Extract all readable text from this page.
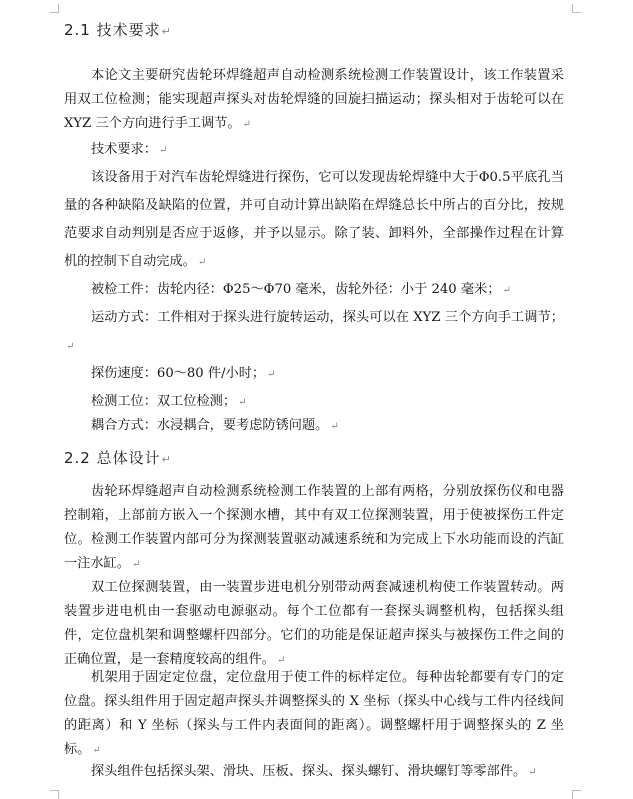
2.1 技术要求↵
本论文主要研究齿轮环焊缝超声自动检测系统检测工作装置设计，该工作装置采用双工位检测；能实现超声探头对齿轮焊缝的回旋扫描运动；探头相对于齿轮可以在 XYZ 三个方向进行手工调节。 ↵
技术要求： ↵
该设备用于对汽车齿轮焊缝进行探伤，它可以发现齿轮焊缝中大于Φ0.5平底孔当量的各种缺陷及缺陷的位置，并可自动计算出缺陷在焊缝总长中所占的百分比，按规范要求自动判别是否应于返修，并予以显示。除了装、卸料外，全部操作过程在计算机的控制下自动完成。 ↵
被检工件：齿轮内径：Φ25～Φ70 毫米，齿轮外径：小于 240 毫米； ↵
运动方式：工件相对于探头进行旋转运动，探头可以在 XYZ 三个方向手工调节；↵
探伤速度：60～80 件/小时； ↵
检测工位：双工位检测； ↵
耦合方式：水浸耦合，要考虑防锈问题。 ↵
2.2 总体设计↵
齿轮环焊缝超声自动检测系统检测工作装置的上部有两格，分别放探伤仪和电器控制箱，上部前方嵌入一个探测水槽，其中有双工位探测装置，用于使被探伤工件定位。检测工作装置内部可分为探测装置驱动减速系统和为完成上下水功能而设的汽缸一注水缸。 ↵
双工位探测装置，由一装置步进电机分别带动两套减速机构使工作装置转动。两装置步进电机由一套驱动电源驱动。每个工位都有一套探头调整机构，包括探头组件，定位盘机架和调整螺杆四部分。它们的功能是保证超声探头与被探伤工件之间的正确位置，是一套精度较高的组件。 ↵
机架用于固定定位盘，定位盘用于使工件的标样定位。每种齿轮都要有专门的定位盘。探头组件用于固定超声探头并调整探头的 X 坐标（探头中心线与工件内径线间的距离）和 Y 坐标（探头与工件内表面间的距离）。调整螺杆用于调整探头的 Z 坐标。 ↵
探头组件包括探头架、滑块、压板、探头、探头螺钉、滑块螺钉等零部件。 ↵
